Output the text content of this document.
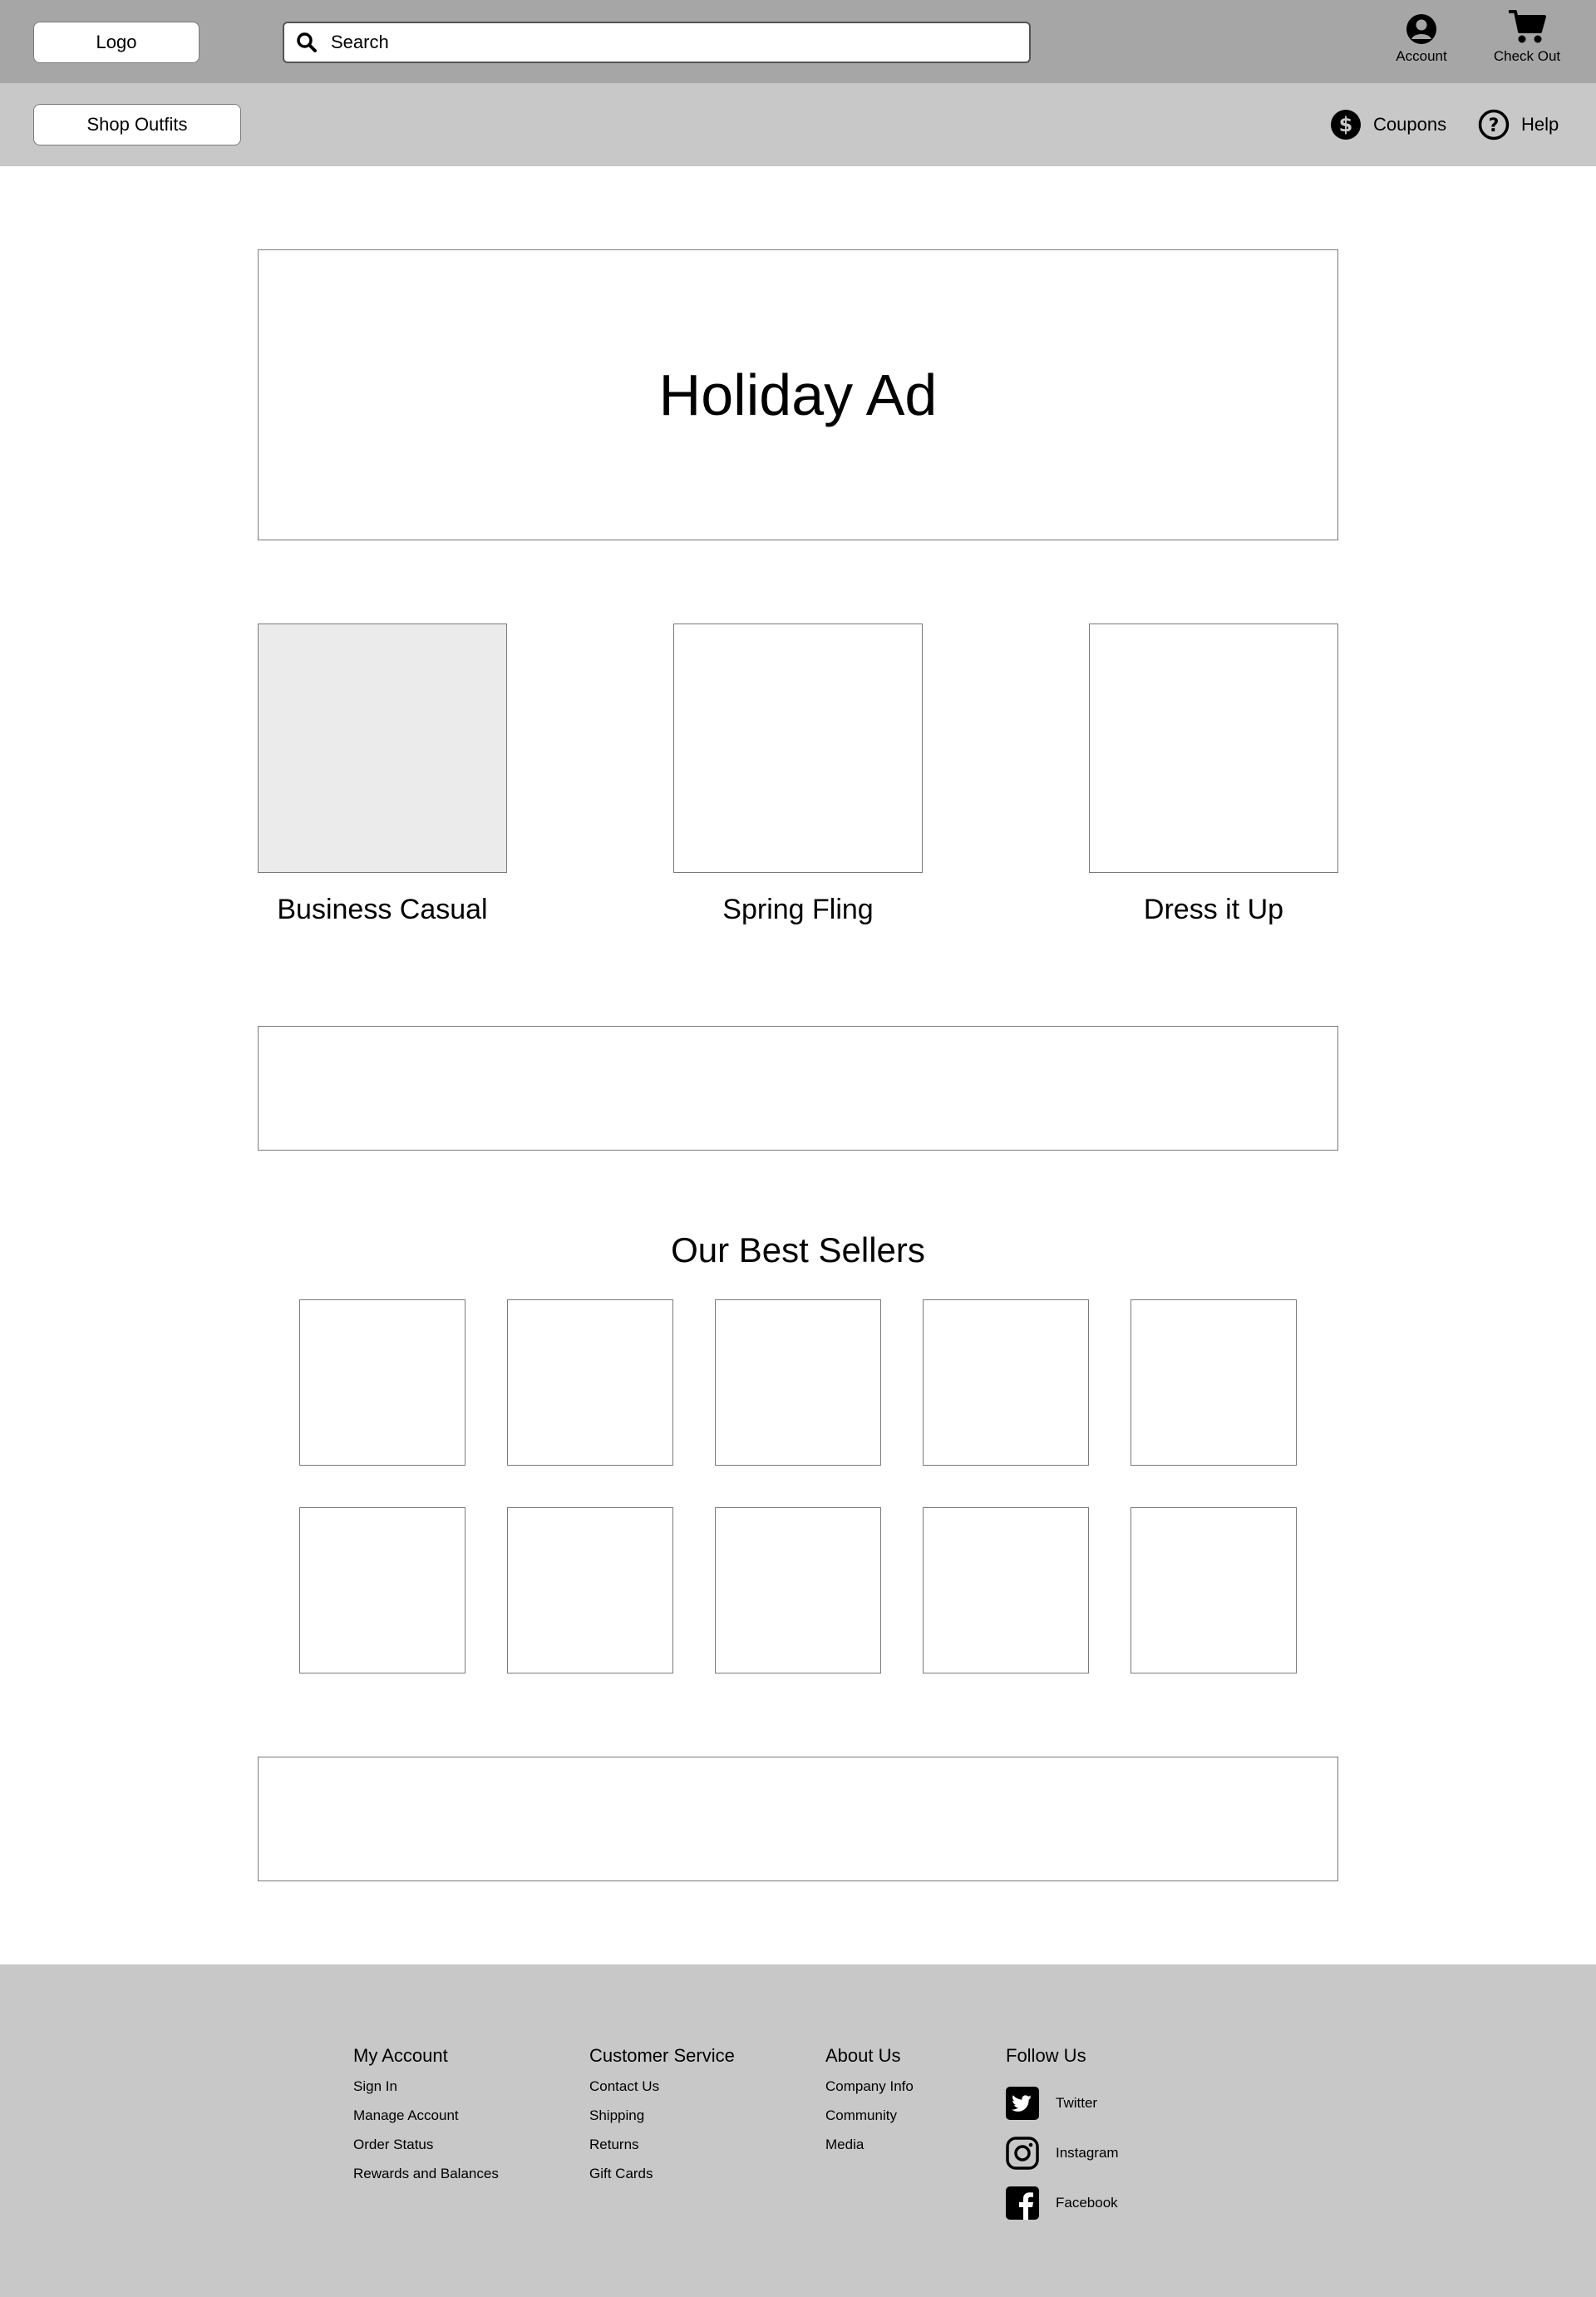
Logo
Search
Account	Check Out
Shop Outfits	$ Coupons ? Help
Holiday Ad
Business Casual	Spring Fling	Dress it Up
Our Best Sellers
My Account
Sign In
Manage Account
Order Status
Rewards and Balances
Customer Service
Contact Us
Shipping
Returns
Gift Cards
About Us
Company Info
Community
Media
Follow Us
Twitter
Instagram
Facebook
